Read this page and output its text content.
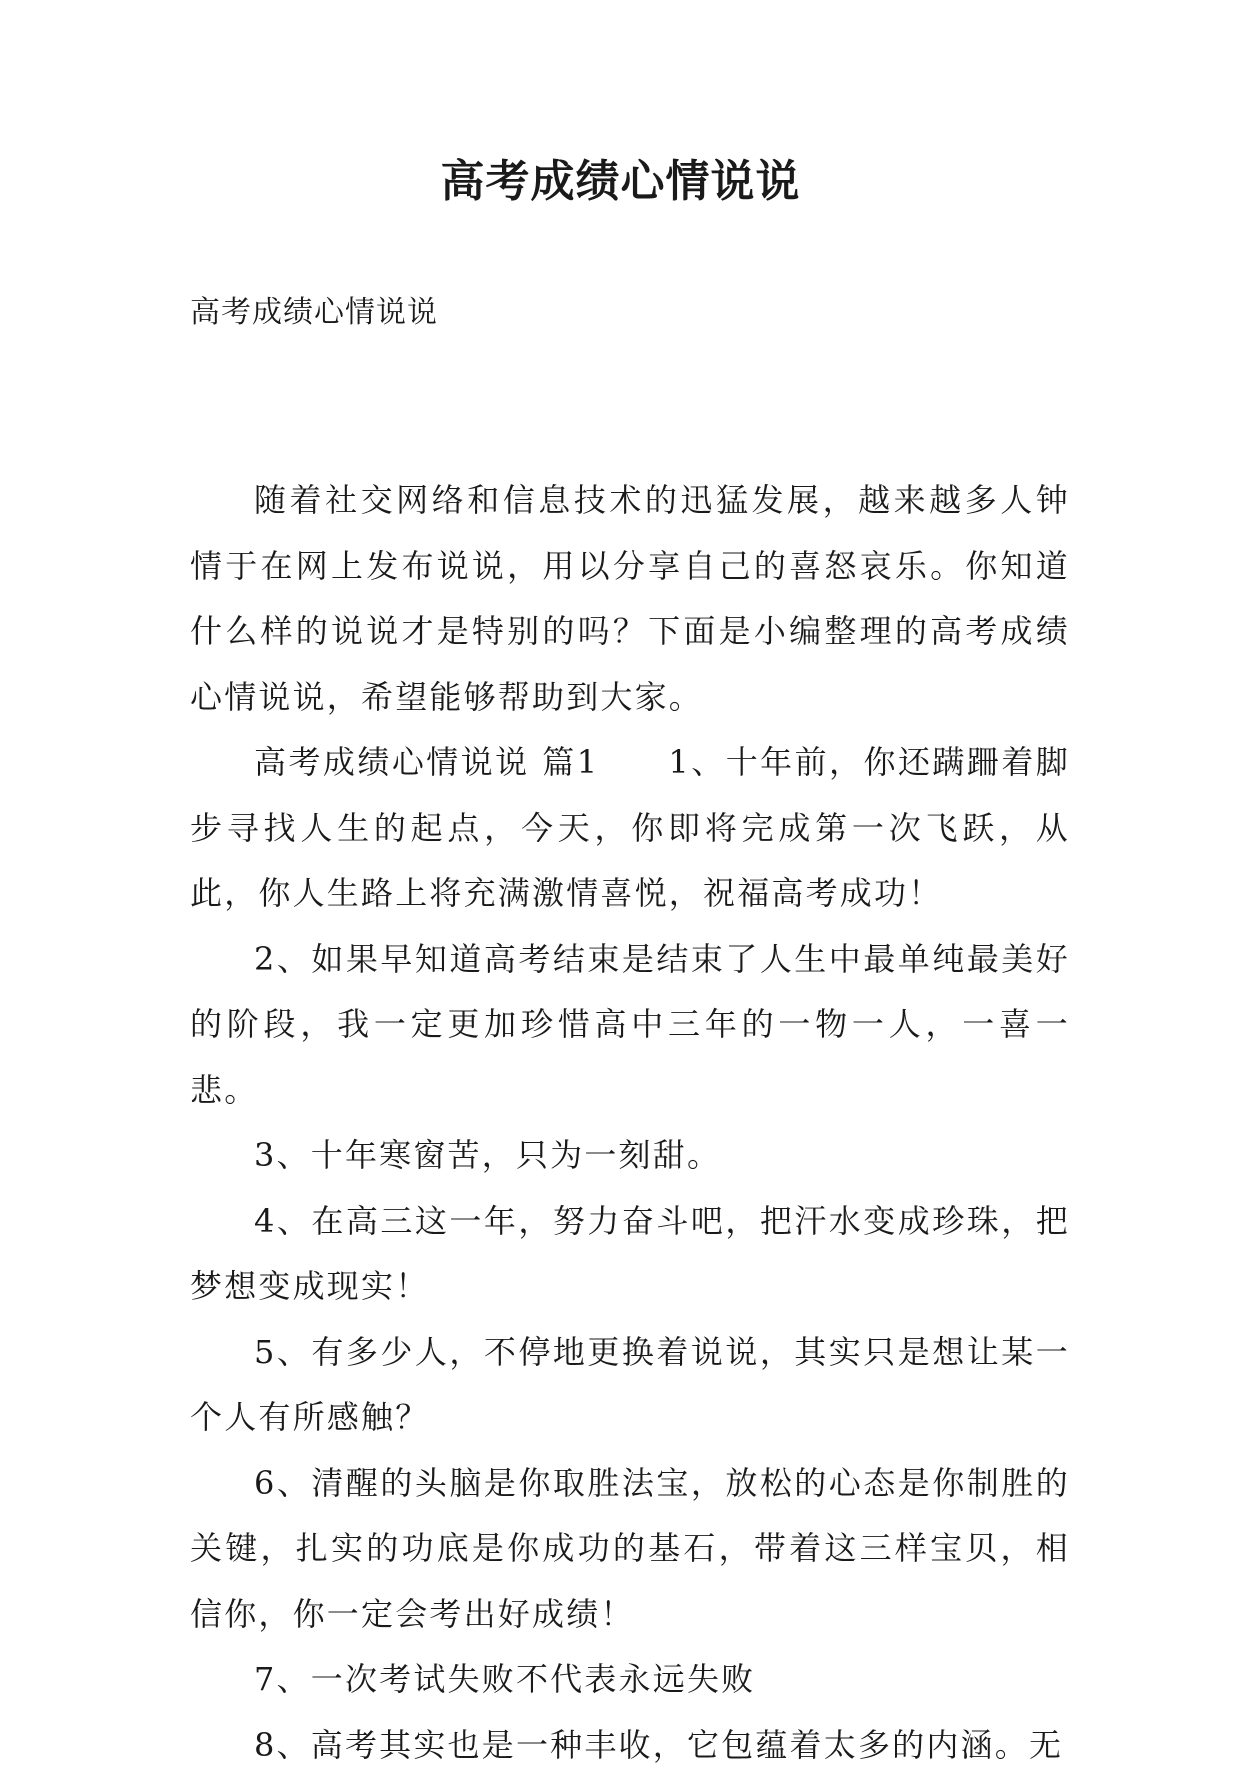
高考成绩心情说说

高考成绩心情说说

随着社交网络和信息技术的迅猛发展，越来越多人钟情于在网上发布说说，用以分享自己的喜怒哀乐。你知道什么样的说说才是特别的吗？下面是小编整理的高考成绩心情说说，希望能够帮助到大家。

高考成绩心情说说 篇1　　1、十年前，你还蹒跚着脚步寻找人生的起点，今天，你即将完成第一次飞跃，从此，你人生路上将充满激情喜悦，祝福高考成功！

2、如果早知道高考结束是结束了人生中最单纯最美好的阶段，我一定更加珍惜高中三年的一物一人，一喜一悲。

3、十年寒窗苦，只为一刻甜。

4、在高三这一年，努力奋斗吧，把汗水变成珍珠，把梦想变成现实！

5、有多少人，不停地更换着说说，其实只是想让某一个人有所感触？

6、清醒的头脑是你取胜法宝，放松的心态是你制胜的关键，扎实的功底是你成功的基石，带着这三样宝贝，相信你，你一定会考出好成绩！

7、一次考试失败不代表永远失败

8、高考其实也是一种丰收，它包蕴着太多的内涵。无
